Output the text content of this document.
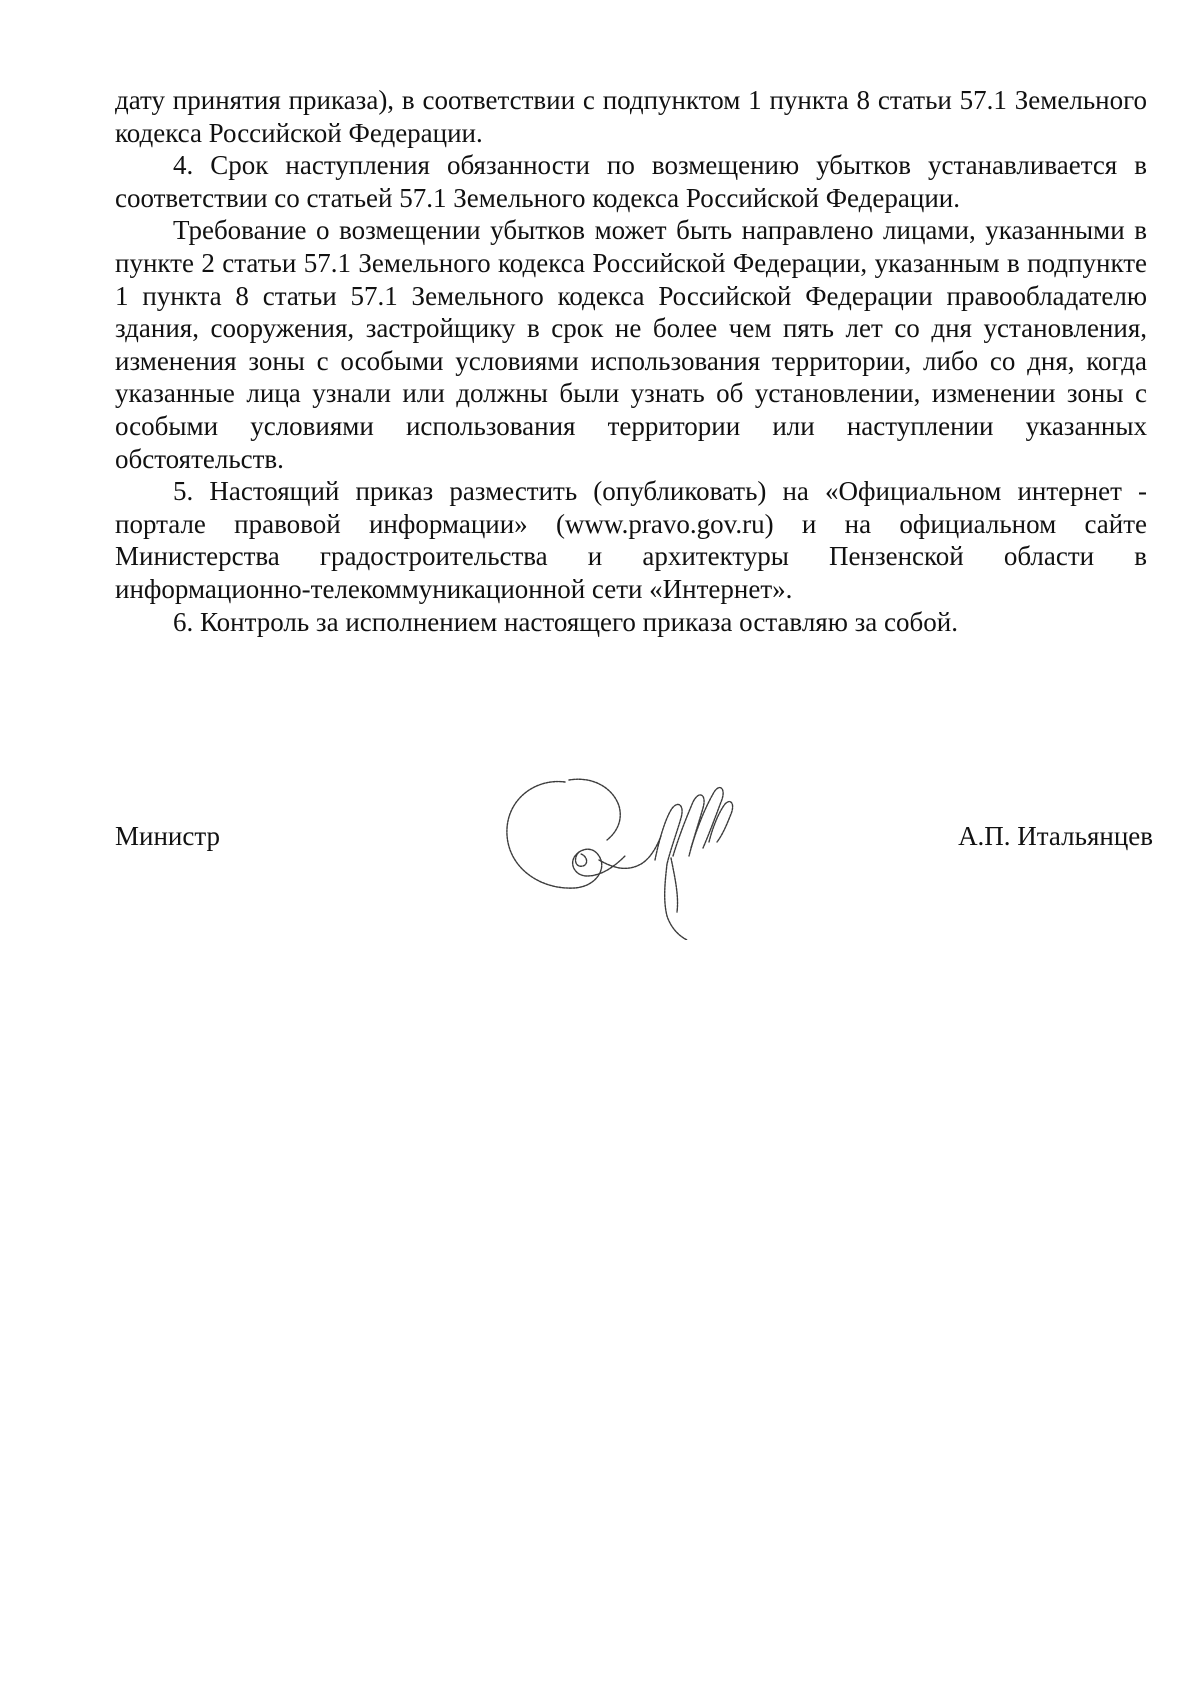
дату принятия приказа), в соответствии с подпунктом 1 пункта 8 статьи 57.1 Земельного кодекса Российской Федерации.

4. Срок наступления обязанности по возмещению убытков устанавливается в соответствии со статьей 57.1 Земельного кодекса Российской Федерации.

Требование о возмещении убытков может быть направлено лицами, указанными в пункте 2 статьи 57.1 Земельного кодекса Российской Федерации, указанным в подпункте 1 пункта 8 статьи 57.1 Земельного кодекса Российской Федерации правообладателю здания, сооружения, застройщику в срок не более чем пять лет со дня установления, изменения зоны с особыми условиями использования территории, либо со дня, когда указанные лица узнали или должны были узнать об установлении, изменении зоны с особыми условиями использования территории или наступлении указанных обстоятельств.

5. Настоящий приказ разместить (опубликовать) на «Официальном интернет - портале правовой информации» (www.pravo.gov.ru) и на официальном сайте Министерства градостроительства и архитектуры Пензенской области в информационно-телекоммуникационной сети «Интернет».

6. Контроль за исполнением настоящего приказа оставляю за собой.

Министр	А.П. Итальянцев
